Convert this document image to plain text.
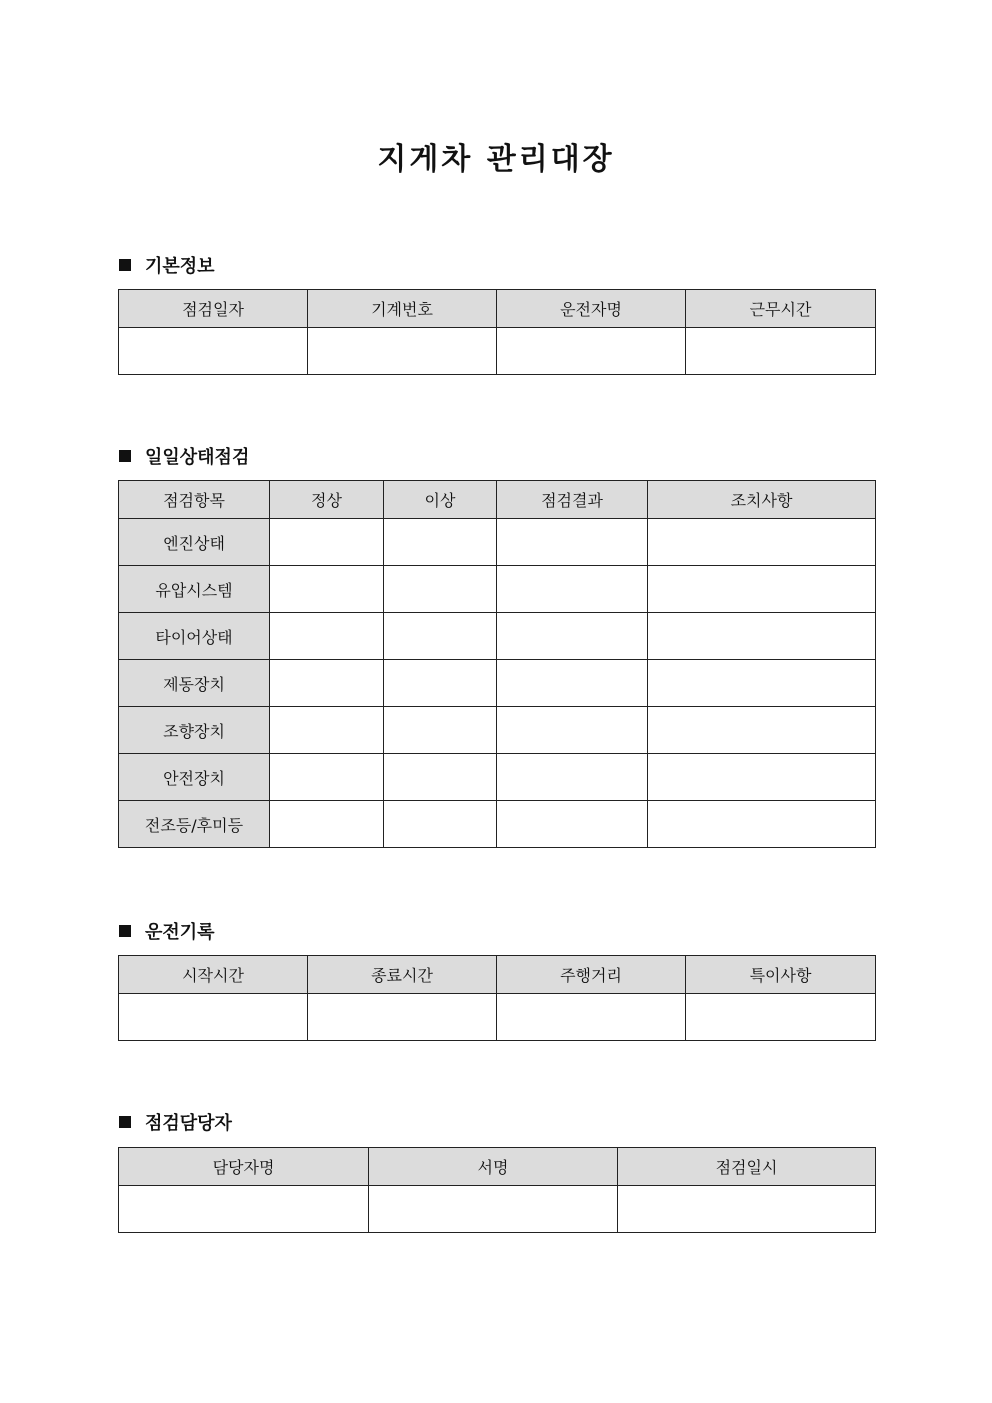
지게차 관리대장
기본정보
점검일자	기계번호	운전자명	근무시간

일일상태점검
점검항목	정상	이상	점검결과	조치사항
엔진상태				
유압시스템				
타이어상태				
제동장치				
조향장치				
안전장치				
전조등/후미등				
운전기록
시작시간	종료시간	주행거리	특이사항

점검담당자
담당자명	서명	점검일시
